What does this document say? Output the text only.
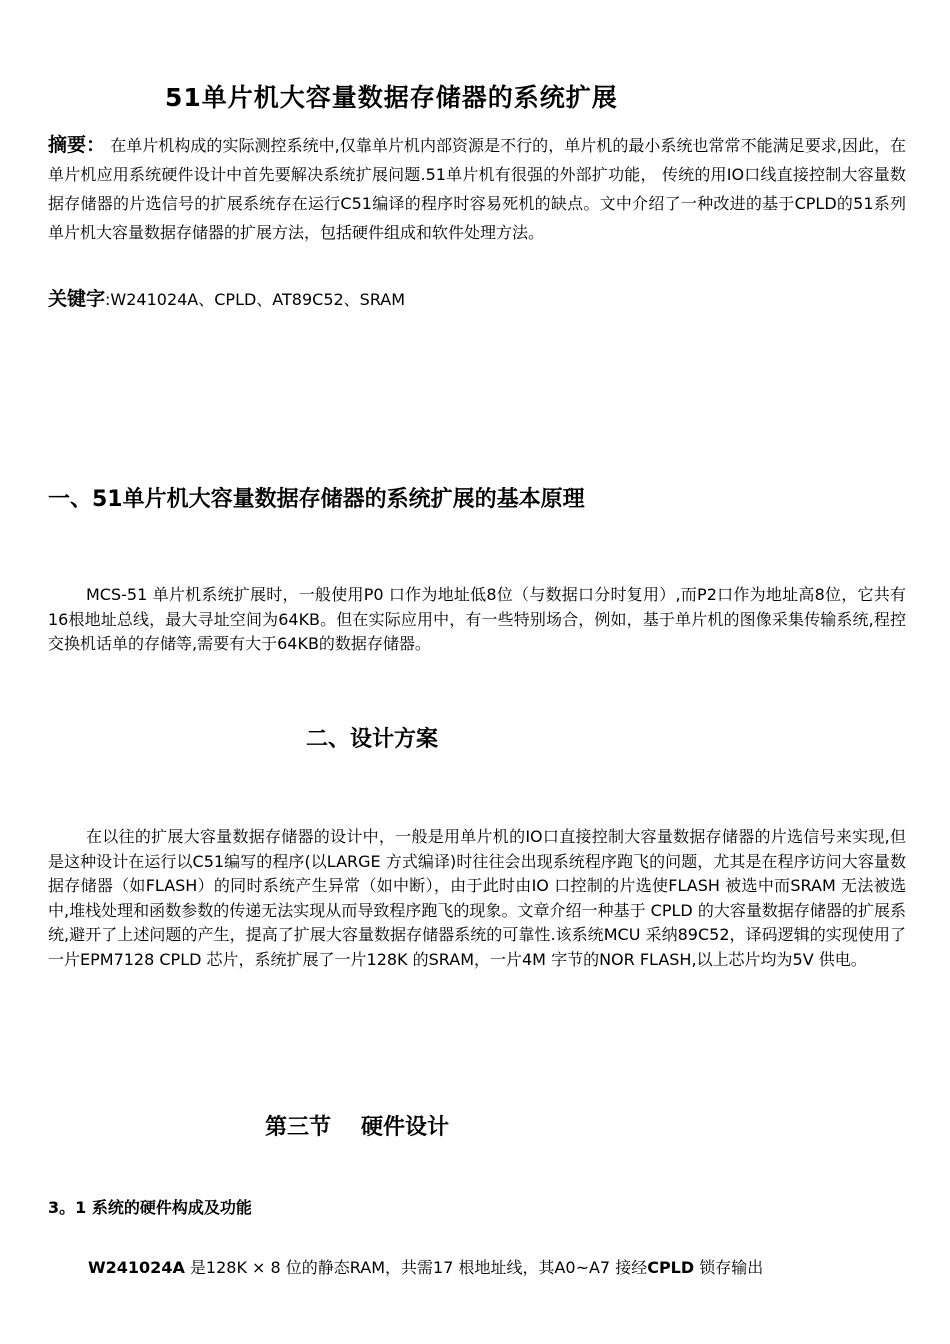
51单片机大容量数据存储器的系统扩展

摘要： 在单片机构成的实际测控系统中,仅靠单片机内部资源是不行的，单片机的最小系统也常常不能满足要求,因此，在单片机应用系统硬件设计中首先要解决系统扩展问题.51单片机有很强的外部扩功能， 传统的用IO口线直接控制大容量数据存储器的片选信号的扩展系统存在运行C51编译的程序时容易死机的缺点。文中介绍了一种改进的基于CPLD的51系列单片机大容量数据存储器的扩展方法，包括硬件组成和软件处理方法。

关键字:W241024A、CPLD、AT89C52、SRAM
一、51单片机大容量数据存储器的系统扩展的基本原理

MCS-51 单片机系统扩展时，一般使用P0 口作为地址低8位（与数据口分时复用）,而P2口作为地址高8位，它共有16根地址总线，最大寻址空间为64KB。但在实际应用中，有一些特别场合，例如，基于单片机的图像采集传输系统,程控交换机话单的存储等,需要有大于64KB的数据存储器。

二、设计方案

在以往的扩展大容量数据存储器的设计中，一般是用单片机的IO口直接控制大容量数据存储器的片选信号来实现,但是这种设计在运行以C51编写的程序(以LARGE 方式编译)时往往会出现系统程序跑飞的问题，尤其是在程序访问大容量数据存储器（如FLASH）的同时系统产生异常（如中断），由于此时由IO 口控制的片选使FLASH 被选中而SRAM 无法被选中,堆栈处理和函数参数的传递无法实现从而导致程序跑飞的现象。文章介绍一种基于 CPLD 的大容量数据存储器的扩展系统,避开了上述问题的产生，提高了扩展大容量数据存储器系统的可靠性.该系统MCU 采纳89C52，译码逻辑的实现使用了一片EPM7128 CPLD 芯片，系统扩展了一片128K 的SRAM，一片4M 字节的NOR FLASH,以上芯片均为5V 供电。

第三节 硬件设计
3。1 系统的硬件构成及功能

W241024A 是128K × 8 位的静态RAM，共需17 根地址线，其A0~A7 接经CPLD 锁存输出
